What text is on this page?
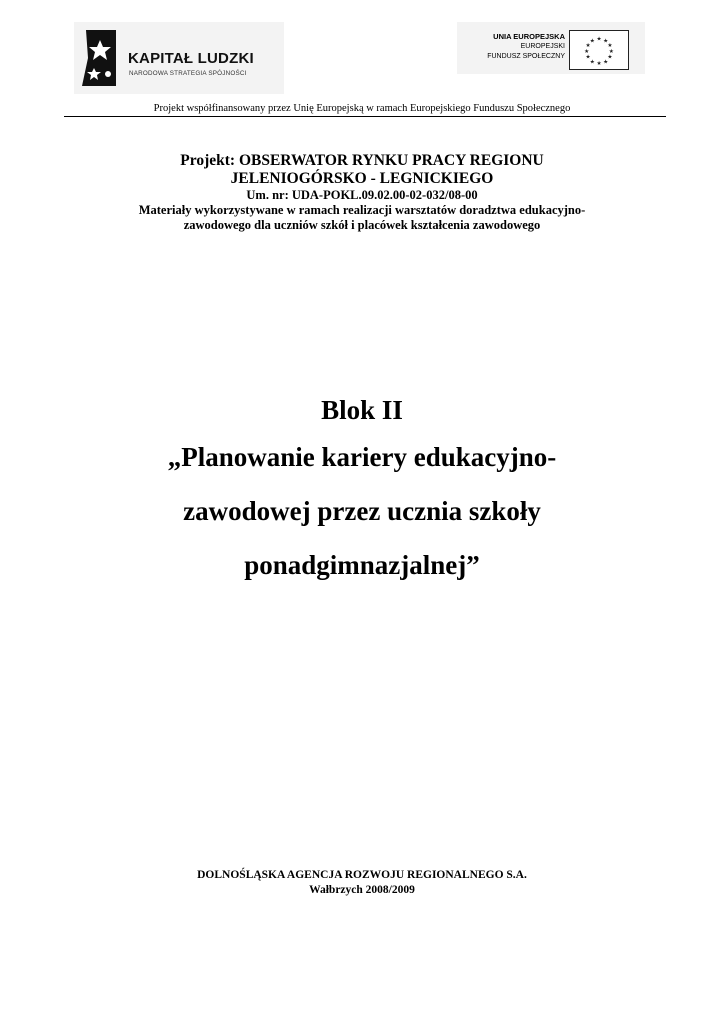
KAPITAŁ LUDZKI
NARODOWA STRATEGIA SPÓJNOŚCI
UNIA EUROPEJSKA
EUROPEJSKI
FUNDUSZ SPOŁECZNY
★ ★
★
★
★
★
★
★
★
★
★
★
Projekt współfinansowany przez Unię Europejską w ramach Europejskiego Funduszu Społecznego
Projekt: OBSERWATOR RYNKU PRACY REGIONU
JELENIOGÓRSKO - LEGNICKIEGO
Um. nr: UDA-POKL.09.02.00-02-032/08-00
Materiały wykorzystywane w ramach realizacji warsztatów doradztwa edukacyjno-
zawodowego dla uczniów szkół i placówek kształcenia zawodowego
Blok II
„Planowanie kariery edukacyjno-
zawodowej przez ucznia szkoły
ponadgimnazjalnej”
DOLNOŚLĄSKA AGENCJA ROZWOJU REGIONALNEGO S.A.
Wałbrzych 2008/2009
